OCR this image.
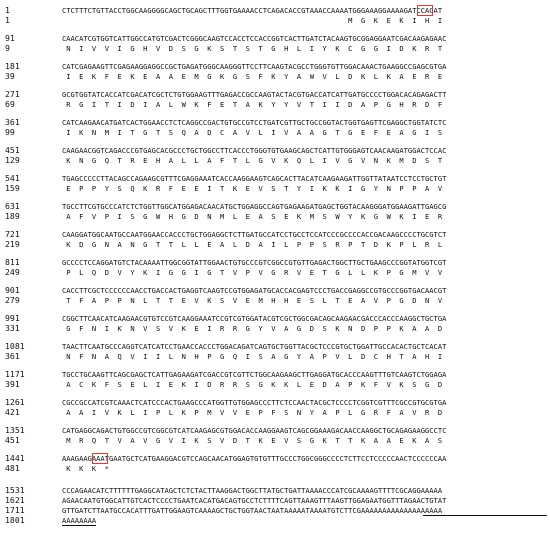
1	CTCTTTCTGTTACCTGGCAAGGGGCAGCTGCAGCTTTGGTGAAAACCTCAGACACCGTAAACCAAAATGGGAAAGGAAAAGATCCACAT
1	M  G  K  E  K  I  H  I
91	CAACATCGTGGTCATTGGCCATGTCGACTCGGGCAAGTCCACCTCCACCGGTCACTTGATCTACAAGTGCGGAGGAATCGACAAGAGAAC
9	N  I  V  V  I  G  H  V  D  S  G  K  S  T  S  T  G  H  L  I  Y  K  C  G  G  I  D  K  R  T
181	CATCGAGAAGTTCGAGAAGGAGGCCGCTGAGATGGGCAAGGGTTCCTTCAAGTACGCCTGGGTGTTGGACAAACTGAAGGCCGAGCGTGA
39	I  E  K  F  E  K  E  A  A  E  M  G  K  G  S  F  K  Y  A  W  V  L  D  K  L  K  A  E  R  E
271	GCGTGGTATCACCATCGACATCGCTCTGTGGAAGTTTGAGACCGCCAAGTACTACGTGACCATCATTGATGCCCCTGGACACAGAGACTT
69	R  G  I  T  I  D  I  A  L  W  K  F  E  T  A  K  Y  Y  V  T  I  I  D  A  P  G  H  R  D  F
361	CATCAAGAACATGATCACTGGAACCTCTCAGGCCGACTGTGCCGTCCTGATCGTTGCTGCCGGTACTGGTGAGTTCGAGGCTGGTATCTC
99	I  K  N  M  I  T  G  T  S  Q  A  D  C  A  V  L  I  V  A  A  G  T  G  E  F  E  A  G  I  S
451	CAAGAACGGTCAGACCCGTGAGCACGCCCTGCTGGCCTTCACCCTGGGTGTGAAGCAGCTCATTGTGGGAGTCAACAAGATGGACTCCAC
129	K  N  G  Q  T  R  E  H  A  L  L  A  F  T  L  G  V  K  Q  L  I  V  G  V  N  K  M  D  S  T
541	TGAGCCCCCTTACAGCCAGAAGCGTTTCGAGGAAATCACCAAGGAAGTCAGCACTTACATCAAGAAGATTGGTTATAATCCTCCTGCTGT
159	E  P  P  Y  S  Q  K  R  F  E  E  I  T  K  E  V  S  T  Y  I  K  K  I  G  Y  N  P  P  A  V
631	TGCCTTCGTGCCCATCTCTGGTTGGCATGGAGACAACATGCTGGAGGCCAGTGAGAAGATGAGCTGGTACAAGGGATGGAAGATTGAGCG
189	A  F  V  P  I  S  G  W  H  G  D  N  M  L  E  A  S  E  K  M  S  W  Y  K  G  W  K  I  E  R
721	CAAGGATGGCAATGCCAATGGAACCACCCTGCTGGAGGCTCTTGATGCCATCCTGCCTCCATCCCGCCCCACCGACAAGCCCCTGCGTCT
219	K  D  G  N  A  N  G  T  T  L  L  E  A  L  D  A  I  L  P  P  S  R  P  T  D  K  P  L  R  L
811	GCCCCTCCAGGATGTCTACAAAATTGGCGGTATTGGAACTGTGCCCGTCGGCCGTGTTGAGACTGGCTTGCTGAAGCCCGGTATGGTCGT
249	P  L  Q  D  V  Y  K  I  G  G  I  G  T  V  P  V  G  R  V  E  T  G  L  L  K  P  G  M  V  V
901	CACCTTCGCTCCCCCCAACCTGACCACTGAGGTCAAGTCCGTGGAGATGCACCACGAGTCCCTGACCGAGGCCGTGCCCGGTGACAACGT
279	T  F  A  P  P  N  L  T  T  E  V  K  S  V  E  M  H  H  E  S  L  T  E  A  V  P  G  D  N  V
991	CGGCTTCAACATCAAGAACGTGTCCGTCAAGGAAATCCGTCGTGGATACGTCGCTGGCGACAGCAAGAACGACCCACCCAAGGCTGCTGA
331	G  F  N  I  K  N  V  S  V  K  E  I  R  R  G  Y  V  A  G  D  S  K  N  D  P  P  K  A  A  D
1081	TAACTTCAATGCCCAGGTCATCATCCTGAACCACCCTGGACAGATCAGTGCTGGTTACGCTCCCGTGCTGGATTGCCACACTGCTCACAT
361	N  F  N  A  Q  V  I  I  L  N  H  P  G  Q  I  S  A  G  Y  A  P  V  L  D  C  H  T  A  H  I
1171	TGCCTGCAAGTTCAGCGAGCTCATTGAGAAGATCGACCGTCGTTCTGGCAAGAAGCTTGAGGATGCACCCAAGTTTGTCAAGTCTGGAGA
391	A  C  K  F  S  E  L  I  E  K  I  D  R  R  S  G  K  K  L  E  D  A  P  K  F  V  K  S  G  D
1261	CGCCGCCATCGTCAAACTCATCCCACTGAAGCCCATGGTTGTGGAGCCCTTCTCCAACTACGCTCCCCTCGGTCGTTTCGCCGTGCGTGA
421	A  A  I  V  K  L  I  P  L  K  P  M  V  V  E  P  F  S  N  Y  A  P  L  G  R  F  A  V  R  D
1351	CATGAGGCAGACTGTGGCCGTCGGCGTCATCAAGAGCGTGGACACCAAGGAAGTCAGCGGAAAGACAACCAAGGCTGCAGAGAAGGCCTC
451	M  R  Q  T  V  A  V  G  V  I  K  S  V  D  T  K  E  V  S  G  K  T  T  K  A  A  E  K  A  S
1441	AAAGAAGAAATGAATGCTCATGAAGGACGTCCAGCAACATGGAGTGTGTTTGCCCTGGCGGGCCCCTCTTCCTCCCCCAACTCCCCCCAA
481	K  K  K  *
1531	CCCAGAACATCTTTTTTGAGGCATAGCTCTCTACTTAAGGACTGGCTTATGCTGATTAAAACCCATCGCAAAAGTTTTCGCAGGAAAAA
1621	AGAACAATGTGGCATTGTCACTCCCCTGAATCACATGACAGTGCCTCTTTTCAGTTAAAGTTTAAGTTGGAGAATGGTTTAGAACTGTAT
1711	GTTGATCTTAATGCCACATTTGATTGGAAGTCAAAAGCTGCTGGTAACTAATAAAAATAAAATGTCTTCGAAAAAAAAAAAAAAAAAAA
1801	AAAAAAAA
